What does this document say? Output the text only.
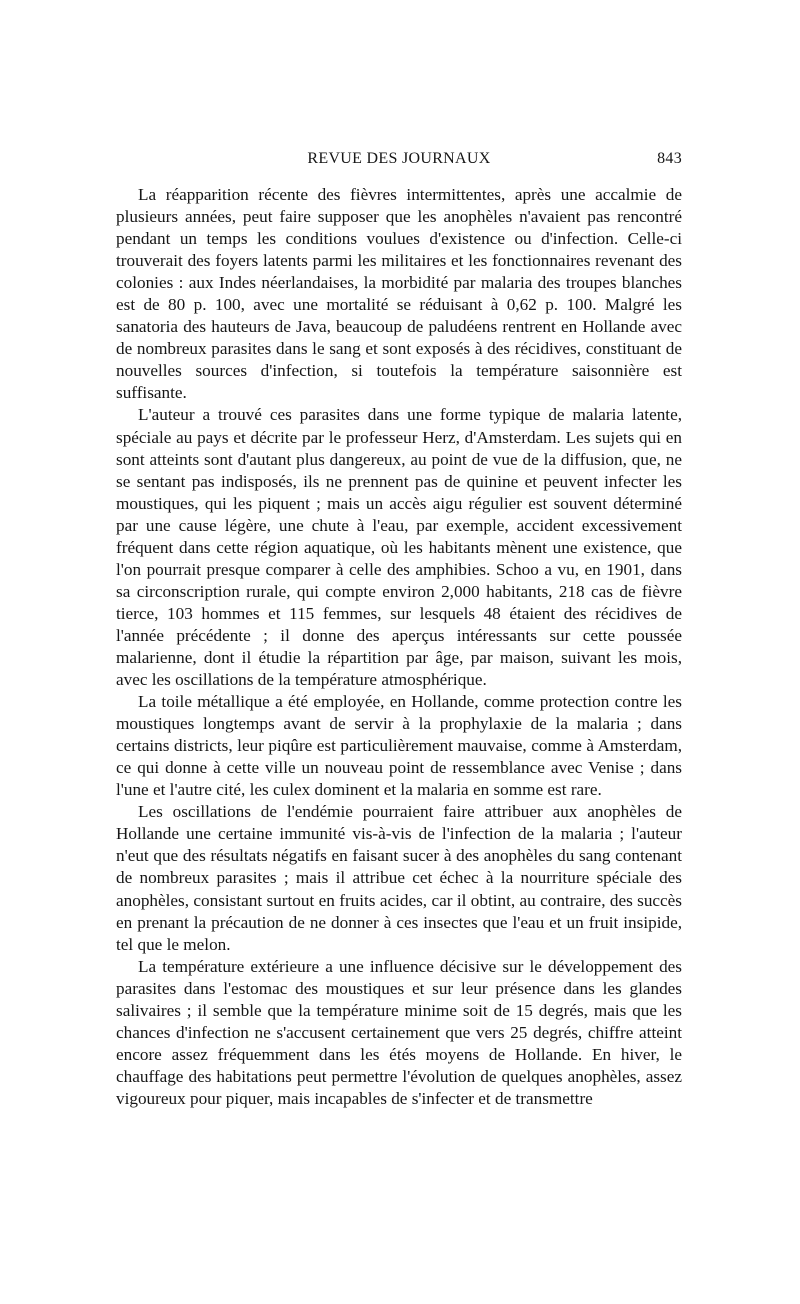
REVUE DES JOURNAUX	843

La réapparition récente des fièvres intermittentes, après une accalmie de plusieurs années, peut faire supposer que les anophèles n'avaient pas rencontré pendant un temps les conditions voulues d'existence ou d'infection. Celle-ci trouverait des foyers latents parmi les militaires et les fonctionnaires revenant des colonies : aux Indes néerlandaises, la morbidité par malaria des troupes blanches est de 80 p. 100, avec une mortalité se réduisant à 0,62 p. 100. Malgré les sanatoria des hauteurs de Java, beaucoup de paludéens rentrent en Hollande avec de nombreux parasites dans le sang et sont exposés à des récidives, constituant de nouvelles sources d'infection, si toutefois la température saisonnière est suffisante.

L'auteur a trouvé ces parasites dans une forme typique de malaria latente, spéciale au pays et décrite par le professeur Herz, d'Amsterdam. Les sujets qui en sont atteints sont d'autant plus dangereux, au point de vue de la diffusion, que, ne se sentant pas indisposés, ils ne prennent pas de quinine et peuvent infecter les moustiques, qui les piquent ; mais un accès aigu régulier est souvent déterminé par une cause légère, une chute à l'eau, par exemple, accident excessivement fréquent dans cette région aquatique, où les habitants mènent une existence, que l'on pourrait presque comparer à celle des amphibies. Schoo a vu, en 1901, dans sa circonscription rurale, qui compte environ 2,000 habitants, 218 cas de fièvre tierce, 103 hommes et 115 femmes, sur lesquels 48 étaient des récidives de l'année précédente ; il donne des aperçus intéressants sur cette poussée malarienne, dont il étudie la répartition par âge, par maison, suivant les mois, avec les oscillations de la température atmosphérique.

La toile métallique a été employée, en Hollande, comme protection contre les moustiques longtemps avant de servir à la prophylaxie de la malaria ; dans certains districts, leur piqûre est particulièrement mauvaise, comme à Amsterdam, ce qui donne à cette ville un nouveau point de ressemblance avec Venise ; dans l'une et l'autre cité, les culex dominent et la malaria en somme est rare.

Les oscillations de l'endémie pourraient faire attribuer aux anophèles de Hollande une certaine immunité vis-à-vis de l'infection de la malaria ; l'auteur n'eut que des résultats négatifs en faisant sucer à des anophèles du sang contenant de nombreux parasites ; mais il attribue cet échec à la nourriture spéciale des anophèles, consistant surtout en fruits acides, car il obtint, au contraire, des succès en prenant la précaution de ne donner à ces insectes que l'eau et un fruit insipide, tel que le melon.

La température extérieure a une influence décisive sur le développement des parasites dans l'estomac des moustiques et sur leur présence dans les glandes salivaires ; il semble que la température minime soit de 15 degrés, mais que les chances d'infection ne s'accusent certainement que vers 25 degrés, chiffre atteint encore assez fréquemment dans les étés moyens de Hollande. En hiver, le chauffage des habitations peut permettre l'évolution de quelques anophèles, assez vigoureux pour piquer, mais incapables de s'infecter et de transmettre
